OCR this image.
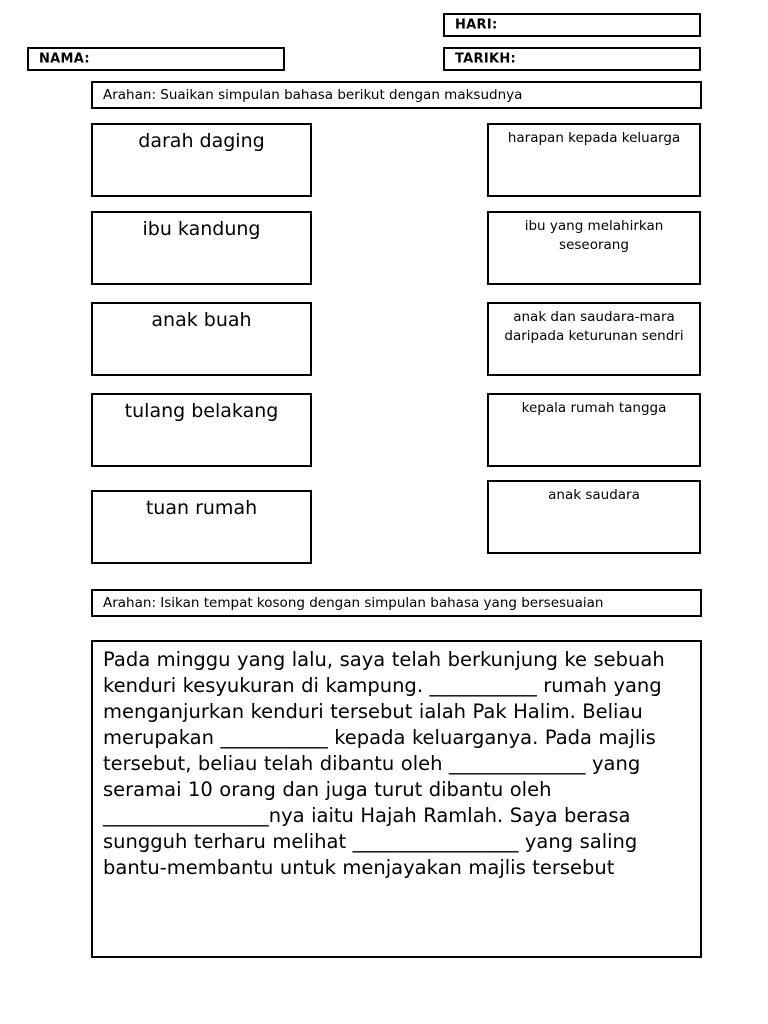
HARI:
NAMA:	TARIKH:
Arahan: Suaikan simpulan bahasa berikut dengan maksudnya
darah daging
ibu kandung
anak buah
tulang belakang
tuan rumah
harapan kepada keluarga
ibu yang melahirkan
seseorang
anak dan saudara-mara
daripada keturunan sendri
kepala rumah tangga
anak saudara
Arahan: Isikan tempat kosong dengan simpulan bahasa yang bersesuaian
Pada minggu yang lalu, saya telah berkunjung ke sebuah kenduri kesyukuran di kampung. ___________ rumah yang menganjurkan kenduri tersebut ialah Pak Halim. Beliau merupakan ___________ kepada keluarganya. Pada majlis tersebut, beliau telah dibantu oleh ______________ yang seramai 10 orang dan juga turut dibantu oleh _________________nya iaitu Hajah Ramlah. Saya berasa sungguh terharu melihat _________________ yang saling bantu-membantu untuk menjayakan majlis tersebut
